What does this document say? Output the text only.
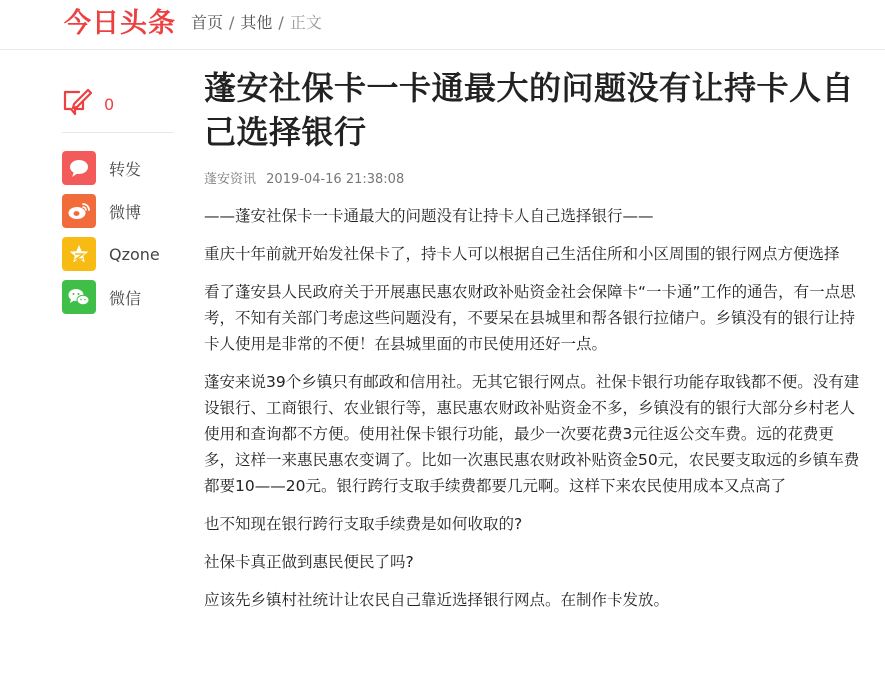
今日头条 首页 / 其他 / 正文
0
转发
微博
Qzone
微信
蓬安社保卡一卡通最大的问题没有让持卡人自己选择银行
蓬安资讯 2019-04-16 21:38:08

——蓬安社保卡一卡通最大的问题没有让持卡人自己选择银行——

重庆十年前就开始发社保卡了，持卡人可以根据自己生活住所和小区周围的银行网点方便选择

看了蓬安县人民政府关于开展惠民惠农财政补贴资金社会保障卡“一卡通”工作的通告，有一点思考，不知有关部门考虑这些问题没有，不要呆在县城里和帮各银行拉储户。乡镇没有的银行让持卡人使用是非常的不便！在县城里面的市民使用还好一点。

蓬安来说39个乡镇只有邮政和信用社。无其它银行网点。社保卡银行功能存取钱都不便。没有建设银行、工商银行、农业银行等，惠民惠农财政补贴资金不多，乡镇没有的银行大部分乡村老人使用和查询都不方便。使用社保卡银行功能，最少一次要花费3元往返公交车费。远的花费更多，这样一来惠民惠农变调了。比如一次惠民惠农财政补贴资金50元，农民要支取远的乡镇车费都要10——20元。银行跨行支取手续费都要几元啊。这样下来农民使用成本又点高了

也不知现在银行跨行支取手续费是如何收取的?

社保卡真正做到惠民便民了吗?

应该先乡镇村社统计让农民自己靠近选择银行网点。在制作卡发放。
